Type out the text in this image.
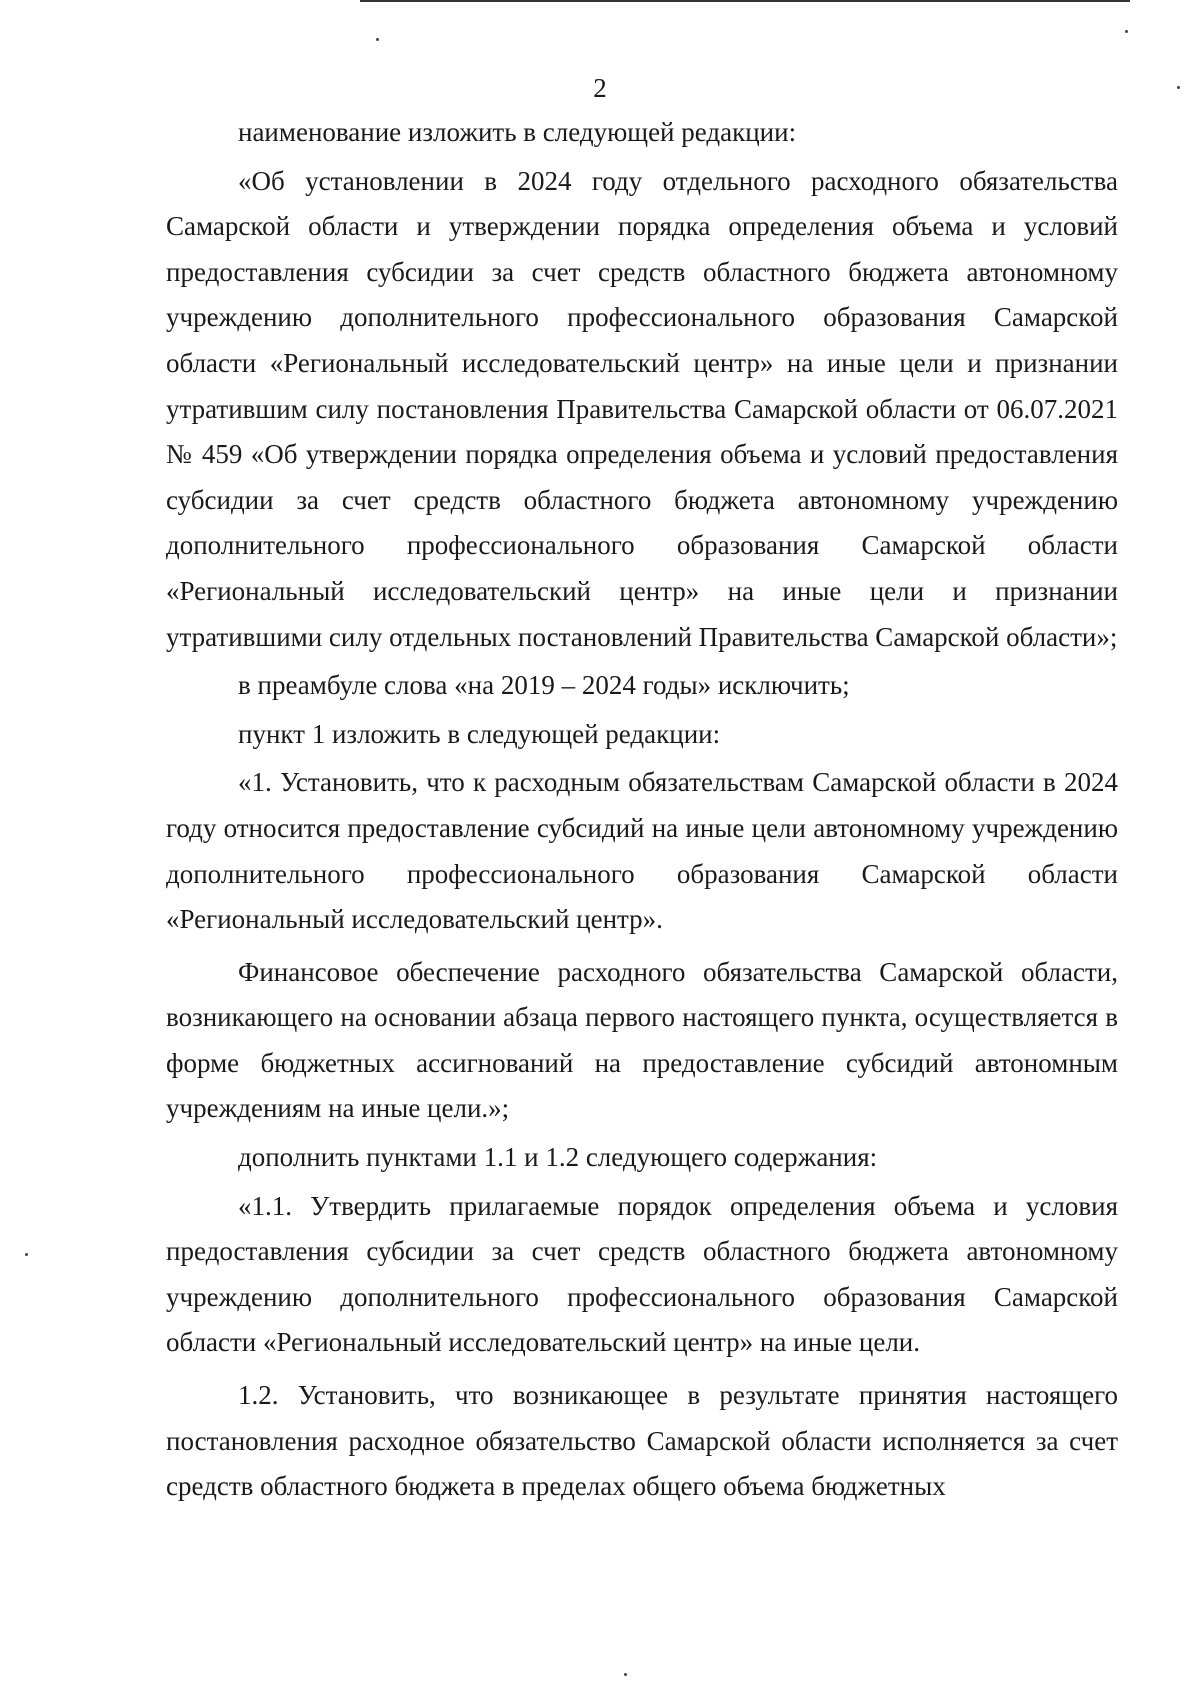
2

наименование изложить в следующей редакции:

«Об установлении в 2024 году отдельного расходного обязательства Самарской области и утверждении порядка определения объема и условий предоставления субсидии за счет средств областного бюджета автономному учреждению дополнительного профессионального образования Самарской области «Региональный исследовательский центр» на иные цели и признании утратившим силу постановления Правительства Самарской области от 06.07.2021 № 459 «Об утверждении порядка определения объема и условий предоставления субсидии за счет средств областного бюджета автономному учреждению дополнительного профессионального образования Самарской области «Региональный исследовательский центр» на иные цели и признании утратившими силу отдельных постановлений Правительства Самарской области»;

в преамбуле слова «на 2019 – 2024 годы» исключить;

пункт 1 изложить в следующей редакции:

«1. Установить, что к расходным обязательствам Самарской области в 2024 году относится предоставление субсидий на иные цели автономному учреждению дополнительного профессионального образования Самарской области «Региональный исследовательский центр».

Финансовое обеспечение расходного обязательства Самарской области, возникающего на основании абзаца первого настоящего пункта, осуществляется в форме бюджетных ассигнований на предоставление субсидий автономным учреждениям на иные цели.»;

дополнить пунктами 1.1 и 1.2 следующего содержания:

«1.1. Утвердить прилагаемые порядок определения объема и условия предоставления субсидии за счет средств областного бюджета автономному учреждению дополнительного профессионального образования Самарской области «Региональный исследовательский центр» на иные цели.

1.2. Установить, что возникающее в результате принятия настоящего постановления расходное обязательство Самарской области исполняется за счет средств областного бюджета в пределах общего объема бюджетных
